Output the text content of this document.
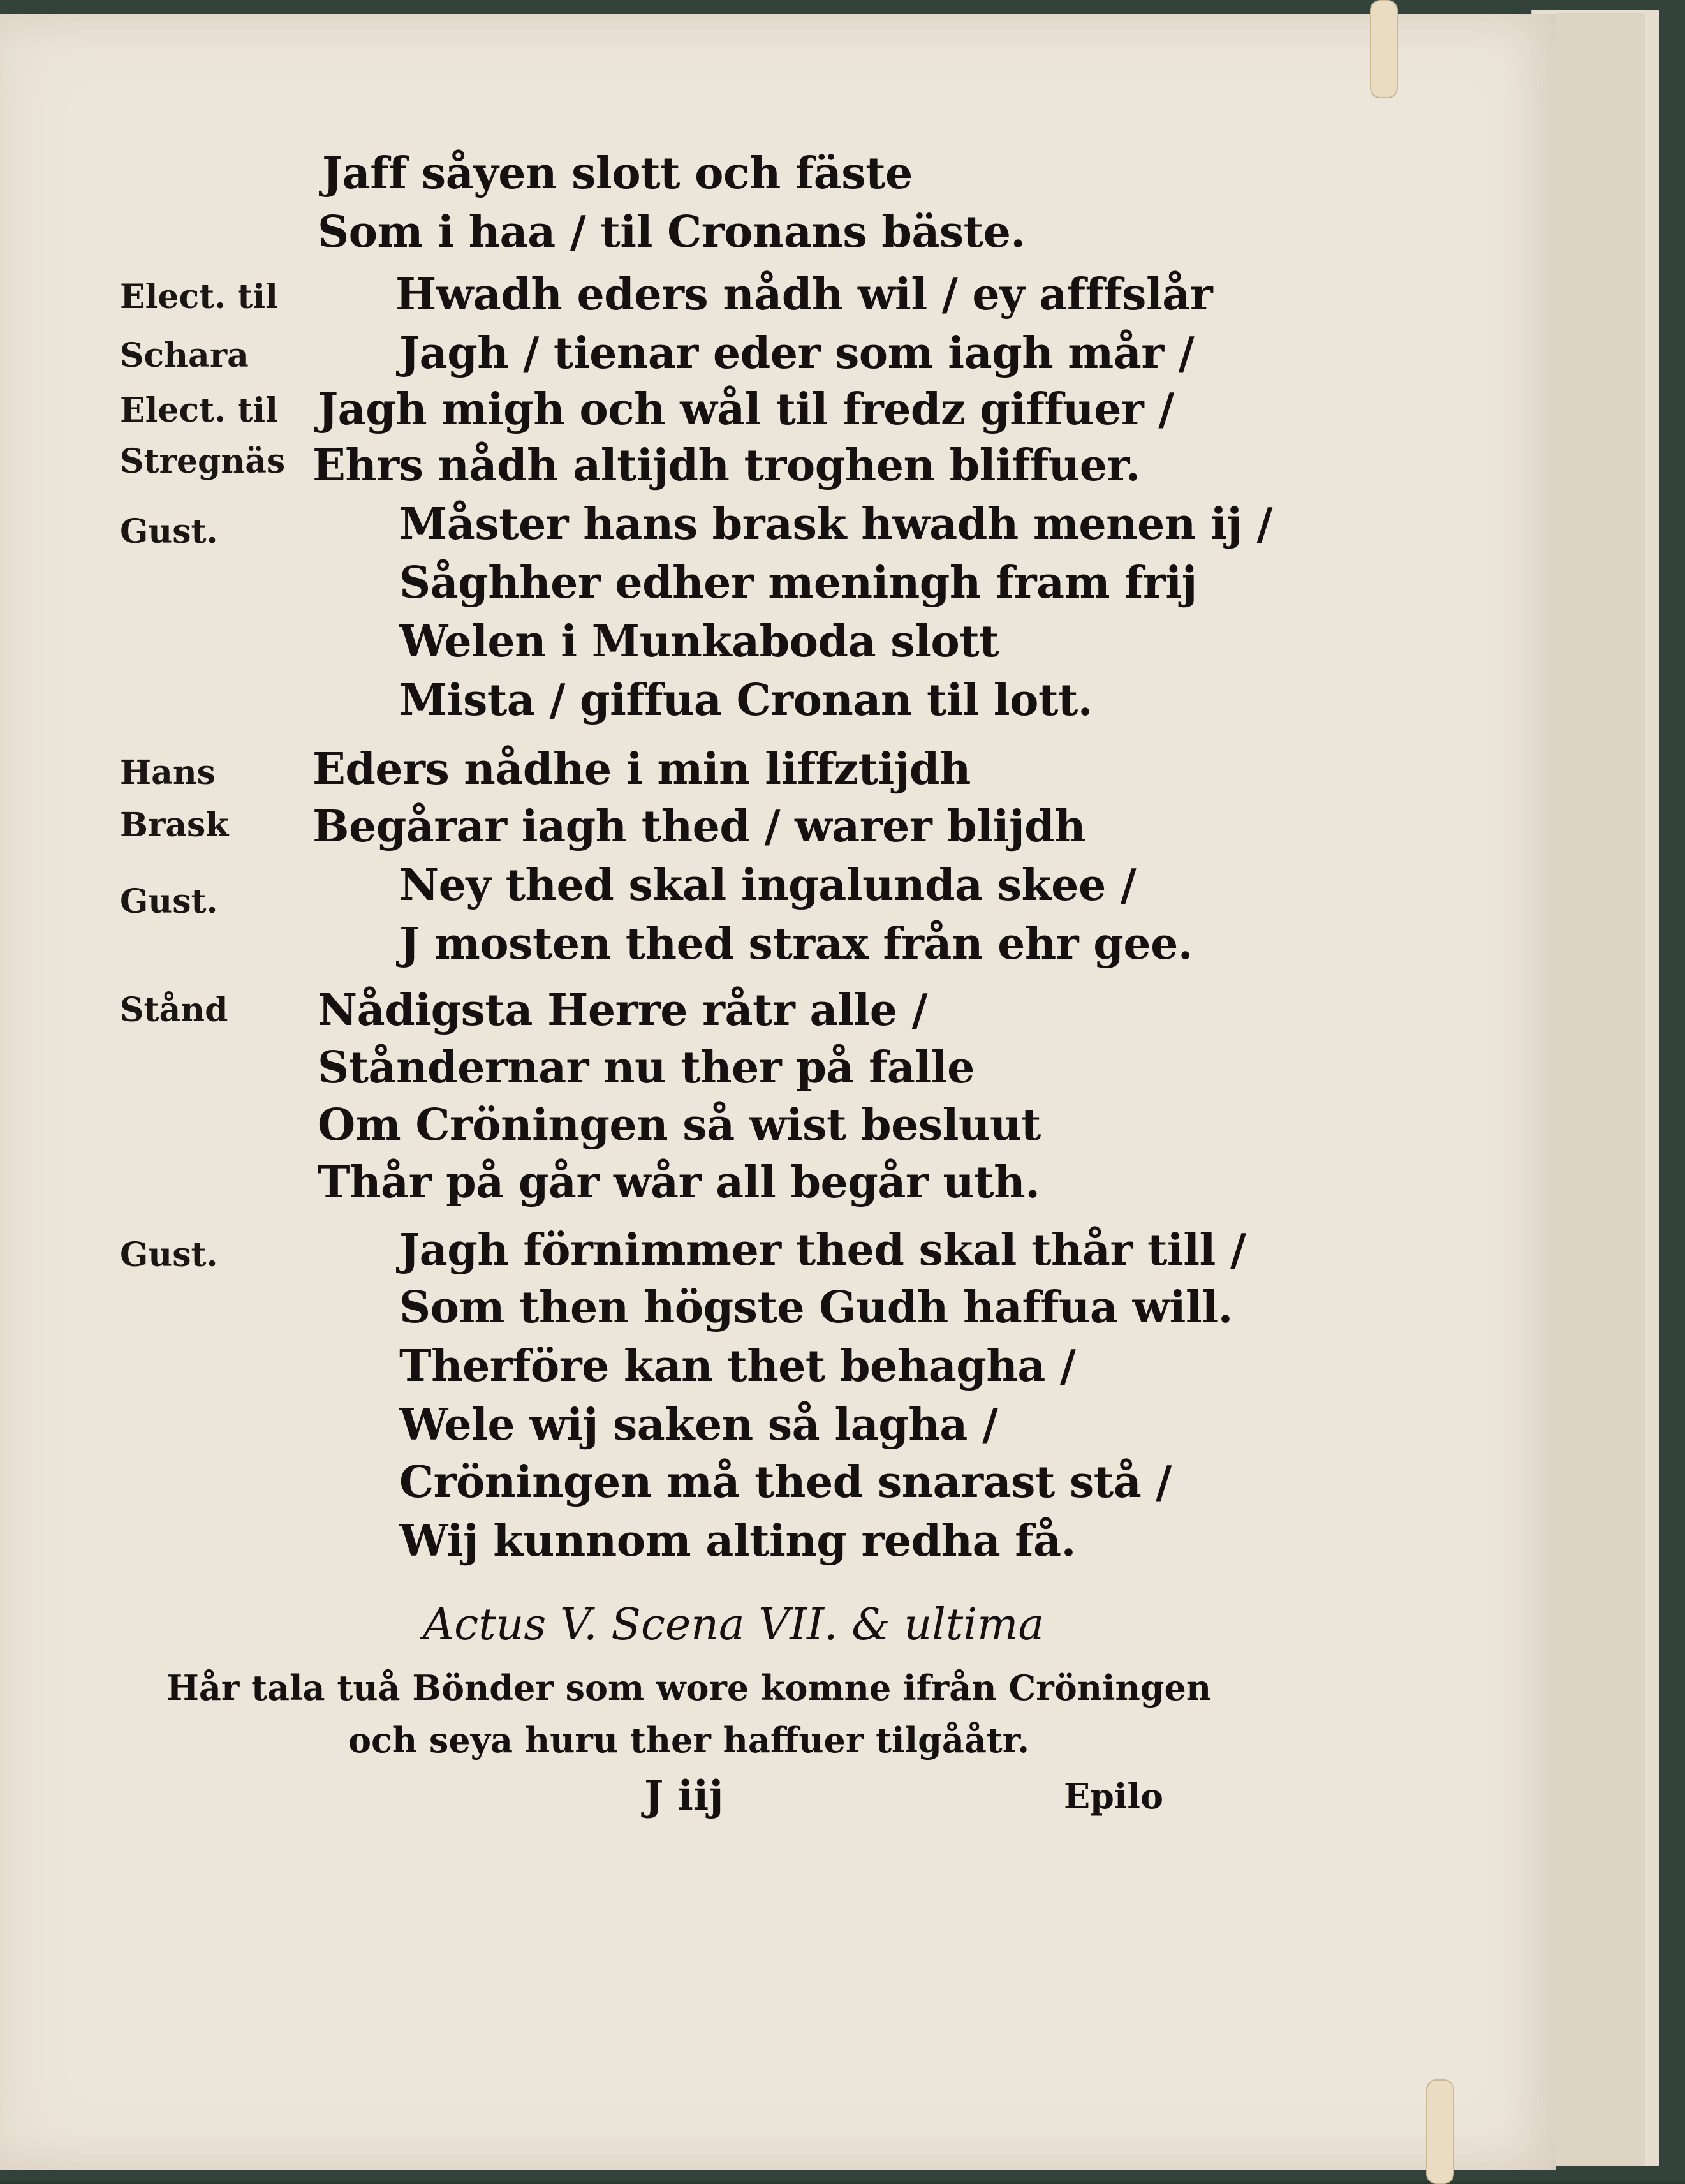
Elect. til
Schara
Elect. til
Stregnäs
Gust.
Hans
Brask
Gust.
Stånd
Gust.
Jaff såyen slott och fäste
Som i haa / til Cronans bäste.
Hwadh eders nådh wil / ey afffslår
Jagh / tienar eder som iagh mår /
Jagh migh och wål til fredz giffuer /
Ehrs nådh altijdh troghen bliffuer.
Måster hans brask hwadh menen ij /
Såghher edher meningh fram frij
Welen i Munkaboda slott
Mista / giffua Cronan til lott.
Eders nådhe i min liffztijdh
Begårar iagh thed / warer blijdh
Ney thed skal ingalunda skee /
J mosten thed strax från ehr gee.
Nådigsta Herre råtr alle /
Ståndernar nu ther på falle
Om Cröningen så wist besluut
Thår på går wår all begår uth.
Jagh förnimmer thed skal thår till /
Som then högste Gudh haffua will.
Therföre kan thet behagha /
Wele wij saken så lagha /
Cröningen må thed snarast stå /
Wij kunnom alting redha få.
Actus V. Scena VII. & ultima
Hår tala tuå Bönder som wore komne ifrån Cröningen
och seya huru ther haffuer tilgååtr.
J iij	Epilo
